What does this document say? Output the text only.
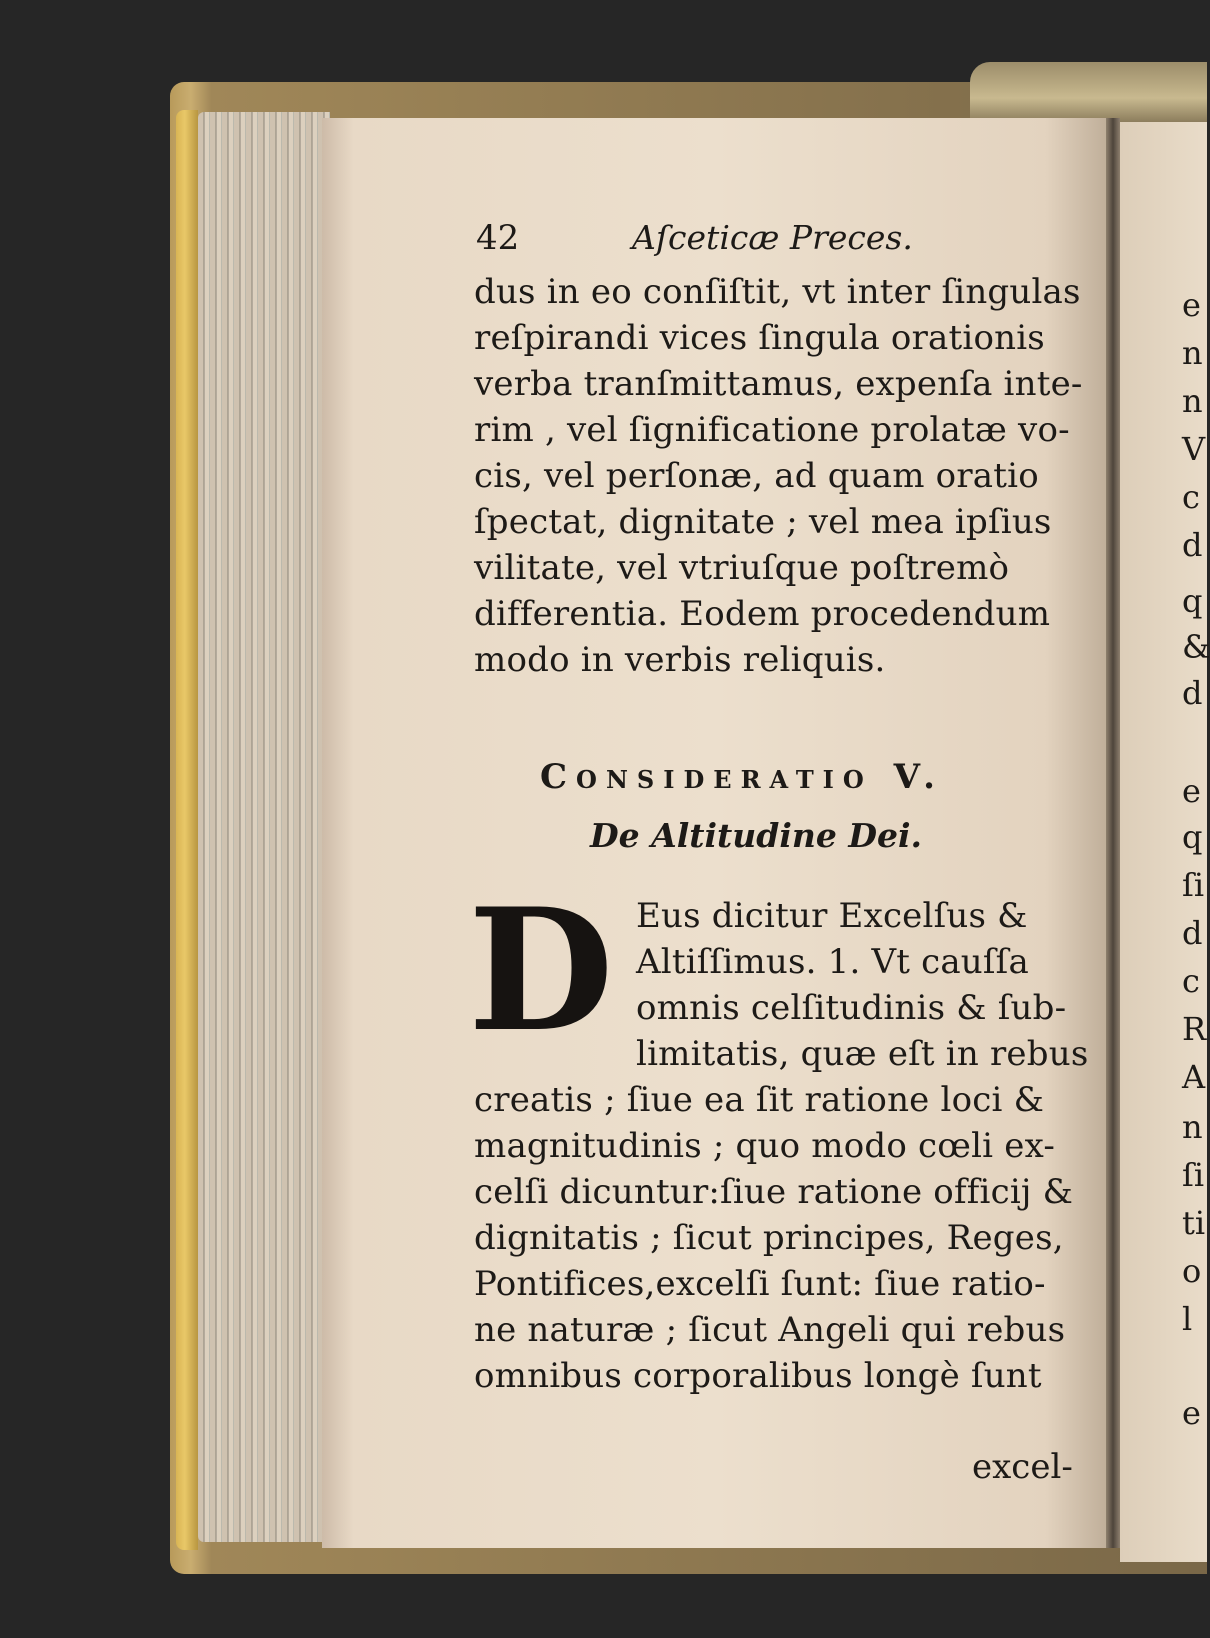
42	Aſceticæ Preces.
dus in eo conſiſtit, vt inter ſingulas
reſpirandi vices ſingula orationis
verba tranſmittamus, expenſa inte-
rim , vel ſignificatione prolatæ vo-
cis, vel perſonæ, ad quam oratio
ſpectat, dignitate ; vel mea ipſius
vilitate, vel vtriuſque poſtremò
differentia. Eodem procedendum
modo in verbis reliquis.
Consideratio V.
De Altitudine Dei.
D Eus dicitur Excelſus &
Altiſſimus. 1. Vt cauſſa
omnis celſitudinis & ſub-
limitatis, quæ eſt in rebus
creatis ; ſiue ea ſit ratione loci &
magnitudinis ; quo modo cœli ex-
celſi dicuntur:ſiue ratione officij &
dignitatis ; ſicut principes, Reges,
Pontifices,excelſi ſunt: ſiue ratio-
ne naturæ ; ſicut Angeli qui rebus
omnibus corporalibus longè ſunt
excel-
e
n
n
V
c
d
q
&
d
e
q
ſi
d
c
R
A
n
ſi
ti
o
l
e
